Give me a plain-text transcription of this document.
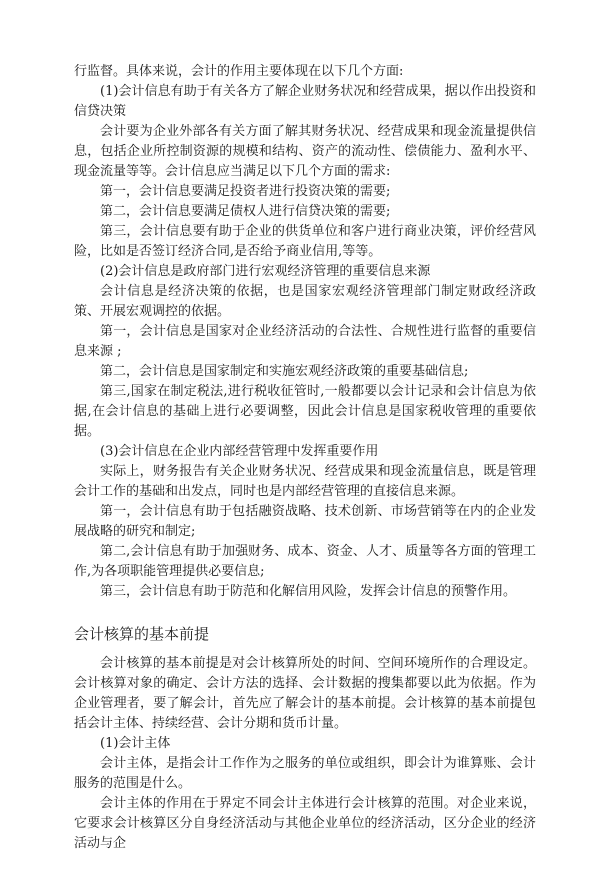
行监督。具体来说，会计的作用主要体现在以下几个方面:

(1)会计信息有助于有关各方了解企业财务状况和经营成果，据以作出投资和信贷决策

会计要为企业外部各有关方面了解其财务状况、经营成果和现金流量提供信息，包括企业所控制资源的规模和结构、资产的流动性、偿债能力、盈利水平、现金流量等等。会计信息应当满足以下几个方面的需求:

第一，会计信息要满足投资者进行投资决策的需要;

第二，会计信息要满足债权人进行信贷决策的需要;

第三，会计信息要有助于企业的供货单位和客户进行商业决策，评价经营风险，比如是否签订经济合同,是否给予商业信用,等等。

(2)会计信息是政府部门进行宏观经济管理的重要信息来源

会计信息是经济决策的依据，也是国家宏观经济管理部门制定财政经济政策、开展宏观调控的依据。

第一，会计信息是国家对企业经济活动的合法性、合规性进行监督的重要信息来源 ;

第二，会计信息是国家制定和实施宏观经济政策的重要基础信息;

第三,国家在制定税法,进行税收征管时,一般都要以会计记录和会计信息为依据,在会计信息的基础上进行必要调整，因此会计信息是国家税收管理的重要依据。

(3)会计信息在企业内部经营管理中发挥重要作用

实际上，财务报告有关企业财务状况、经营成果和现金流量信息，既是管理会计工作的基础和出发点，同时也是内部经营管理的直接信息来源。

第一，会计信息有助于包括融资战略、技术创新、市场营销等在内的企业发展战略的研究和制定;

第二,会计信息有助于加强财务、成本、资金、人才、质量等各方面的管理工作,为各项职能管理提供必要信息;

第三，会计信息有助于防范和化解信用风险，发挥会计信息的预警作用。

会计核算的基本前提

会计核算的基本前提是对会计核算所处的时间、空间环境所作的合理设定。会计核算对象的确定、会计方法的选择、会计数据的搜集都要以此为依据。作为企业管理者，要了解会计，首先应了解会计的基本前提。会计核算的基本前提包括会计主体、持续经营、会计分期和货币计量。

(1)会计主体

会计主体，是指会计工作作为之服务的单位或组织，即会计为谁算账、会计服务的范围是什么。

会计主体的作用在于界定不同会计主体进行会计核算的范围。对企业来说，它要求会计核算区分自身经济活动与其他企业单位的经济活动，区分企业的经济活动与企
